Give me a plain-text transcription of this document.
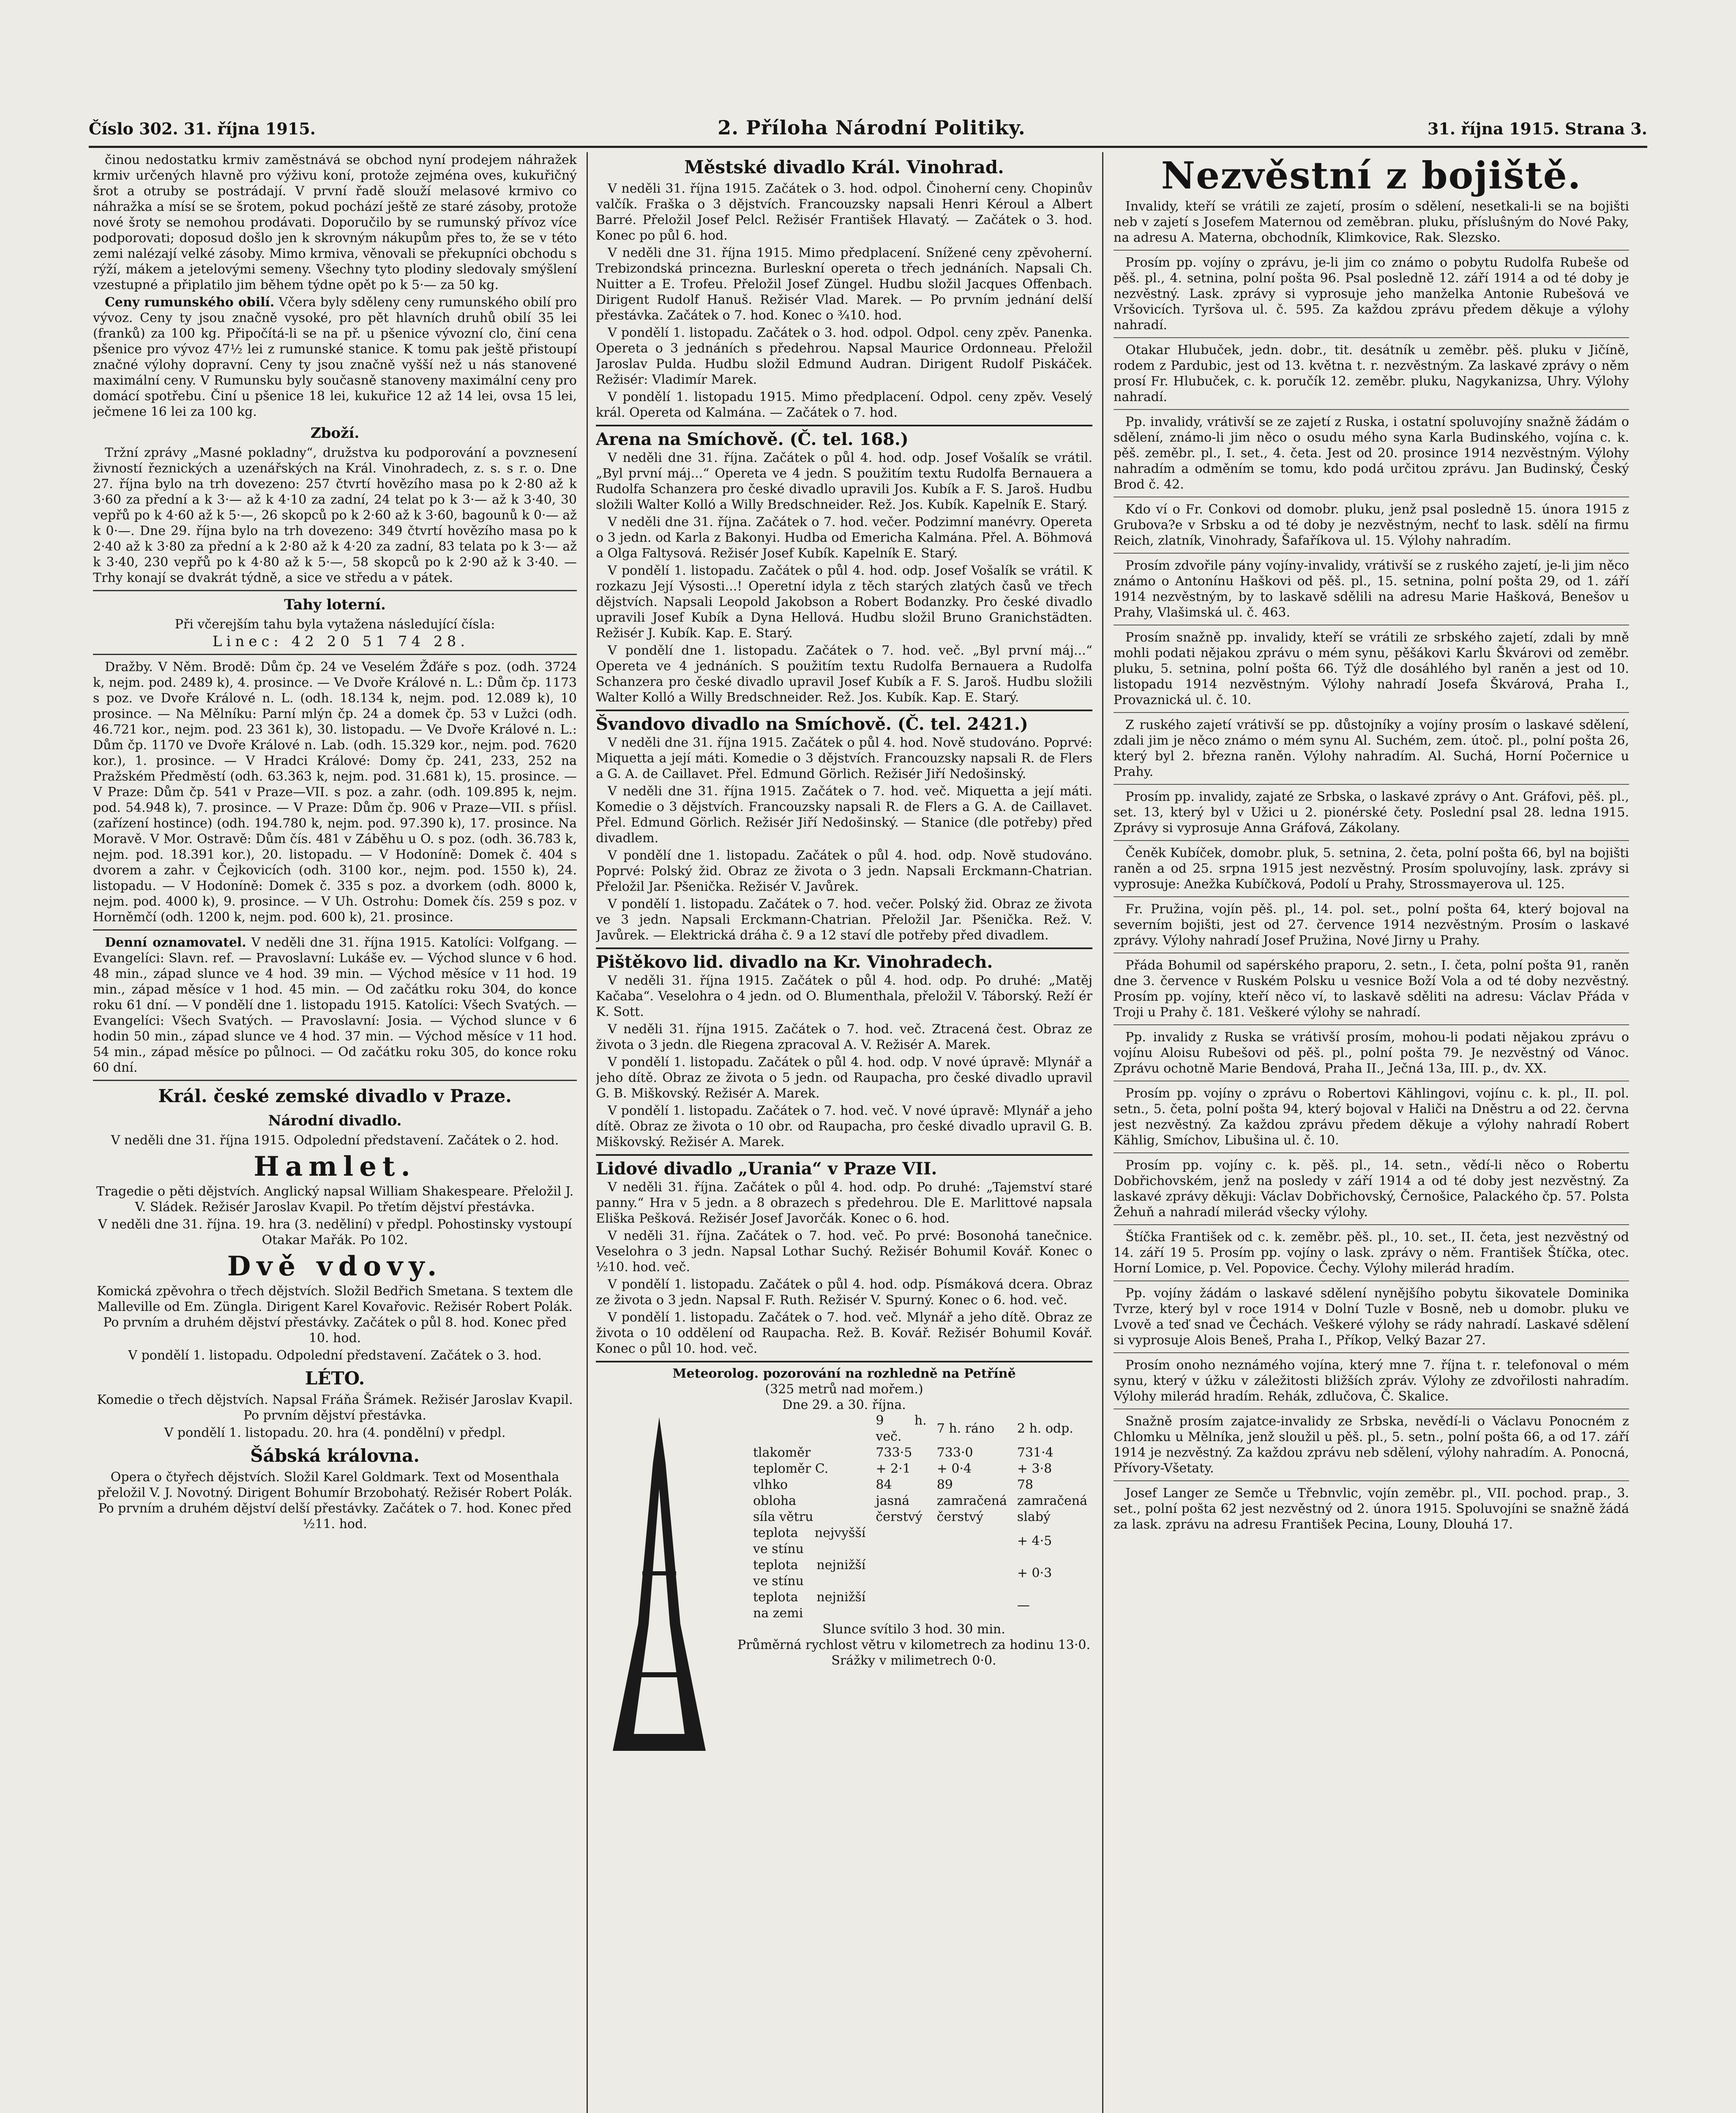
Číslo 302. 31. října 1915.	2. Příloha Národní Politiky.	31. října 1915. Strana 3.

činou nedostatku krmiv zaměstnává se obchod nyní prodejem náhražek krmiv určených hlavně pro výživu koní, protože zejména oves, kukuřičný šrot a otruby se postrádají. V první řadě slouží melasové krmivo co náhražka a mísí se se šrotem, pokud pochází ještě ze staré zásoby, protože nové šroty se nemohou prodávati. Doporučilo by se rumunský přívoz více podporovati; doposud došlo jen k skrovným nákupům přes to, že se v této zemi nalézají velké zásoby. Mimo krmiva, věnovali se překupníci obchodu s rýží, mákem a jetelovými semeny. Všechny tyto plodiny sledovaly smýšlení vzestupné a připlatilo jim během týdne opět po k 5·— za 50 kg.

Ceny rumunského obilí. Včera byly sděleny ceny rumunského obilí pro vývoz. Ceny ty jsou značně vysoké, pro pět hlavních druhů obilí 35 lei (franků) za 100 kg. Připočítá-li se na př. u pšenice vývozní clo, činí cena pšenice pro vývoz 47½ lei z rumunské stanice. K tomu pak ještě přistoupí značné výlohy dopravní. Ceny ty jsou značně vyšší než u nás stanovené maximální ceny. V Rumunsku byly současně stanoveny maximální ceny pro domácí spotřebu. Činí u pšenice 18 lei, kukuřice 12 až 14 lei, ovsa 15 lei, ječmene 16 lei za 100 kg.

Zboží.

Tržní zprávy „Masné pokladny“, družstva ku podporování a povznesení živností řeznických a uzenářských na Král. Vinohradech, z. s. s r. o. Dne 27. října bylo na trh dovezeno: 257 čtvrtí hovězího masa po k 2·80 až k 3·60 za přední a k 3·— až k 4·10 za zadní, 24 telat po k 3·— až k 3·40, 30 vepřů po k 4·60 až k 5·—, 26 skopců po k 2·60 až k 3·60, bagounů k 0·— až k 0·—. Dne 29. října bylo na trh dovezeno: 349 čtvrtí hovězího masa po k 2·40 až k 3·80 za přední a k 2·80 až k 4·20 za zadní, 83 telata po k 3·— až k 3·40, 230 vepřů po k 4·80 až k 5·—, 58 skopců po k 2·90 až k 3·40. — Trhy konají se dvakrát týdně, a sice ve středu a v pátek.

Tahy loterní.

Při včerejším tahu byla vytažena následující čísla:

Linec: 42 20 51 74 28.

Dražby. V Něm. Brodě: Dům čp. 24 ve Veselém Žďáře s poz. (odh. 3724 k, nejm. pod. 2489 k), 4. prosince. — Ve Dvoře Králové n. L.: Dům čp. 1173 s poz. ve Dvoře Králové n. L. (odh. 18.134 k, nejm. pod. 12.089 k), 10 prosince. — Na Mělníku: Parní mlýn čp. 24 a domek čp. 53 v Lužci (odh. 46.721 kor., nejm. pod. 23 361 k), 30. listopadu. — Ve Dvoře Králové n. L.: Dům čp. 1170 ve Dvoře Králové n. Lab. (odh. 15.329 kor., nejm. pod. 7620 kor.), 1. prosince. — V Hradci Králové: Domy čp. 241, 233, 252 na Pražském Předměstí (odh. 63.363 k, nejm. pod. 31.681 k), 15. prosince. — V Praze: Dům čp. 541 v Praze—VII. s poz. a zahr. (odh. 109.895 k, nejm. pod. 54.948 k), 7. prosince. — V Praze: Dům čp. 906 v Praze—VII. s příisl. (zařízení hostince) (odh. 194.780 k, nejm. pod. 97.390 k), 17. prosince. Na Moravě. V Mor. Ostravě: Dům čís. 481 v Záběhu u O. s poz. (odh. 36.783 k, nejm. pod. 18.391 kor.), 20. listopadu. — V Hodoníně: Domek č. 404 s dvorem a zahr. v Čejkovicích (odh. 3100 kor., nejm. pod. 1550 k), 24. listopadu. — V Hodoníně: Domek č. 335 s poz. a dvorkem (odh. 8000 k, nejm. pod. 4000 k), 9. prosince. — V Uh. Ostrohu: Domek čís. 259 s poz. v Horněmčí (odh. 1200 k, nejm. pod. 600 k), 21. prosince.

Denní oznamovatel. V neděli dne 31. října 1915. Katolíci: Volfgang. — Evangelíci: Slavn. ref. — Pravoslavní: Lukáše ev. — Východ slunce v 6 hod. 48 min., západ slunce ve 4 hod. 39 min. — Východ měsíce v 11 hod. 19 min., západ měsíce v 1 hod. 45 min. — Od začátku roku 304, do konce roku 61 dní. — V pondělí dne 1. listopadu 1915. Katolíci: Všech Svatých. — Evangelíci: Všech Svatých. — Pravoslavní: Josia. — Východ slunce v 6 hodin 50 min., západ slunce ve 4 hod. 37 min. — Východ měsíce v 11 hod. 54 min., západ měsíce po půlnoci. — Od začátku roku 305, do konce roku 60 dní.

Král. české zemské divadlo v Praze.
Národní divadlo.

V neděli dne 31. října 1915. Odpolední představení. Začátek o 2. hod.

Hamlet.

Tragedie o pěti dějstvích. Anglický napsal William Shakespeare. Přeložil J. V. Sládek. Režisér Jaroslav Kvapil. Po třetím dějství přestávka.

V neděli dne 31. října. 19. hra (3. neděliní) v předpl. Pohostinsky vystoupí Otakar Mařák. Po 102.

Dvě vdovy.

Komická zpěvohra o třech dějstvích. Složil Bedřich Smetana. S textem dle Malleville od Em. Züngla. Dirigent Karel Kovařovic. Režisér Robert Polák. Po prvním a druhém dějství přestávky. Začátek o půl 8. hod. Konec před 10. hod.

V pondělí 1. listopadu. Odpolední představení. Začátek o 3. hod.

LÉTO.

Komedie o třech dějstvích. Napsal Fráňa Šrámek. Režisér Jaroslav Kvapil. Po prvním dějství přestávka.

V pondělí 1. listopadu. 20. hra (4. pondělní) v předpl.

Šábská královna.

Opera o čtyřech dějstvích. Složil Karel Goldmark. Text od Mosenthala přeložil V. J. Novotný. Dirigent Bohumír Brzobohatý. Režisér Robert Polák. Po prvním a druhém dějství delší přestávky. Začátek o 7. hod. Konec před ½11. hod.

Městské divadlo Král. Vinohrad.

V neděli 31. října 1915. Začátek o 3. hod. odpol. Činoherní ceny. Chopinův valčík. Fraška o 3 dějstvích. Francouzsky napsali Henri Kéroul a Albert Barré. Přeložil Josef Pelcl. Režisér František Hlavatý. — Začátek o 3. hod. Konec po půl 6. hod.

V neděli dne 31. října 1915. Mimo předplacení. Snížené ceny zpěvoherní. Trebizondská princezna. Burleskní opereta o třech jednáních. Napsali Ch. Nuitter a E. Trofeu. Přeložil Josef Züngel. Hudbu složil Jacques Offenbach. Dirigent Rudolf Hanuš. Režisér Vlad. Marek. — Po prvním jednání delší přestávka. Začátek o 7. hod. Konec o ¾10. hod.

V pondělí 1. listopadu. Začátek o 3. hod. odpol. Odpol. ceny zpěv. Panenka. Opereta o 3 jednáních s předehrou. Napsal Maurice Ordonneau. Přeložil Jaroslav Pulda. Hudbu složil Edmund Audran. Dirigent Rudolf Piskáček. Režisér: Vladimír Marek.

V pondělí 1. listopadu 1915. Mimo předplacení. Odpol. ceny zpěv. Veselý král. Opereta od Kalmána. — Začátek o 7. hod.

Arena na Smíchově. (Č. tel. 168.)

V neděli dne 31. října. Začátek o půl 4. hod. odp. Josef Vošalík se vrátil. „Byl první máj...“ Opereta ve 4 jedn. S použitím textu Rudolfa Bernauera a Rudolfa Schanzera pro české divadlo upravili Jos. Kubík a F. S. Jaroš. Hudbu složili Walter Kolló a Willy Bredschneider. Rež. Jos. Kubík. Kapelník E. Starý.

V neděli dne 31. října. Začátek o 7. hod. večer. Podzimní manévry. Opereta o 3 jedn. od Karla z Bakonyi. Hudba od Emericha Kalmána. Přel. A. Böhmová a Olga Faltysová. Režisér Josef Kubík. Kapelník E. Starý.

V pondělí 1. listopadu. Začátek o půl 4. hod. odp. Josef Vošalík se vrátil. K rozkazu Její Výsosti...! Operetní idyla z těch starých zlatých časů ve třech dějstvích. Napsali Leopold Jakobson a Robert Bodanzky. Pro české divadlo upravili Josef Kubík a Dyna Hellová. Hudbu složil Bruno Granichstädten. Režisér J. Kubík. Kap. E. Starý.

V pondělí dne 1. listopadu. Začátek o 7. hod. več. „Byl první máj...“ Opereta ve 4 jednáních. S použitím textu Rudolfa Bernauera a Rudolfa Schanzera pro české divadlo upravil Josef Kubík a F. S. Jaroš. Hudbu složili Walter Kolló a Willy Bredschneider. Rež. Jos. Kubík. Kap. E. Starý.

Švandovo divadlo na Smíchově. (Č. tel. 2421.)

V neděli dne 31. října 1915. Začátek o půl 4. hod. Nově studováno. Poprvé: Miquetta a její máti. Komedie o 3 dějstvích. Francouzsky napsali R. de Flers a G. A. de Caillavet. Přel. Edmund Görlich. Režisér Jiří Nedošinský.

V neděli dne 31. října 1915. Začátek o 7. hod. več. Miquetta a její máti. Komedie o 3 dějstvích. Francouzsky napsali R. de Flers a G. A. de Caillavet. Přel. Edmund Görlich. Režisér Jiří Nedošinský. — Stanice (dle potřeby) před divadlem.

V pondělí dne 1. listopadu. Začátek o půl 4. hod. odp. Nově studováno. Poprvé: Polský žid. Obraz ze života o 3 jedn. Napsali Erckmann-Chatrian. Přeložil Jar. Pšenička. Režisér V. Javůrek.

V pondělí 1. listopadu. Začátek o 7. hod. večer. Polský žid. Obraz ze života ve 3 jedn. Napsali Erckmann-Chatrian. Přeložil Jar. Pšenička. Rež. V. Javůrek. — Elektrická dráha č. 9 a 12 staví dle potřeby před divadlem.

Pištěkovo lid. divadlo na Kr. Vinohradech.

V neděli 31. října 1915. Začátek o půl 4. hod. odp. Po druhé: „Matěj Kačaba“. Veselohra o 4 jedn. od O. Blumenthala, přeložil V. Táborský. Reží ér K. Sott.

V neděli 31. října 1915. Začátek o 7. hod. več. Ztracená čest. Obraz ze života o 3 jedn. dle Riegena zpracoval A. V. Režisér A. Marek.

V pondělí 1. listopadu. Začátek o půl 4. hod. odp. V nové úpravě: Mlynář a jeho dítě. Obraz ze života o 5 jedn. od Raupacha, pro české divadlo upravil G. B. Miškovský. Režisér A. Marek.

V pondělí 1. listopadu. Začátek o 7. hod. več. V nové úpravě: Mlynář a jeho dítě. Obraz ze života o 10 obr. od Raupacha, pro české divadlo upravil G. B. Miškovský. Režisér A. Marek.

Lidové divadlo „Urania“ v Praze VII.

V neděli 31. října. Začátek o půl 4. hod. odp. Po druhé: „Tajemství staré panny.“ Hra v 5 jedn. a 8 obrazech s předehrou. Dle E. Marlittové napsala Eliška Pešková. Režisér Josef Javorčák. Konec o 6. hod.

V neděli 31. října. Začátek o 7. hod. več. Po prvé: Bosonohá tanečnice. Veselohra o 3 jedn. Napsal Lothar Suchý. Režisér Bohumil Kovář. Konec o ½10. hod. več.

V pondělí 1. listopadu. Začátek o půl 4. hod. odp. Písmáková dcera. Obraz ze života o 3 jedn. Napsal F. Ruth. Režisér V. Spurný. Konec o 6. hod. več.

V pondělí 1. listopadu. Začátek o 7. hod. več. Mlynář a jeho dítě. Obraz ze života o 10 oddělení od Raupacha. Rež. B. Kovář. Režisér Bohumil Kovář. Konec o půl 10. hod. več.

Meteorolog. pozorování na rozhledně na Petříně
(325 metrů nad mořem.)
Dne 29. a 30. října.
	9 h. več.	7 h. ráno	2 h. odp.
tlakoměr	733·5	733·0	731·4
teploměr C.	+ 2·1	+ 0·4	+ 3·8
vlhko	84	89	78
obloha	jasná	zamračená	zamračená
síla větru	čerstvý	čerstvý	slabý
teplota nejvyšší ve stínu			+ 4·5
teplota nejnižší ve stínu			+ 0·3
teplota nejnižší na zemi			—
Slunce svítilo 3 hod. 30 min.
Průměrná rychlost větru v kilometrech za hodinu 13·0.
Srážky v milimetrech 0·0.
Nezvěstní z bojiště.

Invalidy, kteří se vrátili ze zajetí, prosím o sdělení, nesetkali-li se na bojišti neb v zajetí s Josefem Maternou od zeměbran. pluku, přísluŝným do Nové Paky, na adresu A. Materna, obchodník, Klimkovice, Rak. Slezsko.

Prosím pp. vojíny o zprávu, je-li jim co známo o pobytu Rudolfa Rubeše od pěš. pl., 4. setnina, polní pošta 96. Psal posledně 12. září 1914 a od té doby je nezvěstný. Lask. zprávy si vyprosuje jeho manželka Antonie Rubešová ve Vršovicích. Tyršova ul. č. 595. Za každou zprávu předem děkuje a výlohy nahradí.

Otakar Hlubuček, jedn. dobr., tit. desátník u zeměbr. pěš. pluku v Jičíně, rodem z Pardubic, jest od 13. května t. r. nezvěstným. Za laskavé zprávy o něm prosí Fr. Hlubuček, c. k. poručík 12. zeměbr. pluku, Nagykanizsa, Uhry. Výlohy nahradí.

Pp. invalidy, vrátivší se ze zajetí z Ruska, i ostatní spoluvojíny snažně žádám o sdělení, známo-li jim něco o osudu mého syna Karla Budinského, vojína c. k. pěš. zeměbr. pl., I. set., 4. četa. Jest od 20. prosince 1914 nezvěstným. Výlohy nahradím a odměním se tomu, kdo podá určitou zprávu. Jan Budinský, Český Brod č. 42.

Kdo ví o Fr. Conkovi od domobr. pluku, jenž psal posledně 15. února 1915 z Grubova?e v Srbsku a od té doby je nezvěstným, nechť to lask. sdělí na firmu Reich, zlatník, Vinohrady, Šafaříkova ul. 15. Výlohy nahradím.

Prosím zdvořile pány vojíny-invalidy, vrátivší se z ruského zajetí, je-li jim něco známo o Antonínu Haškovi od pěš. pl., 15. setnina, polní pošta 29, od 1. září 1914 nezvěstným, by to laskavě sdělili na adresu Marie Hašková, Benešov u Prahy, Vlašimská ul. č. 463.

Prosím snažně pp. invalidy, kteří se vrátili ze srbského zajetí, zdali by mně mohli podati nějakou zprávu o mém synu, pěšákovi Karlu Škvárovi od zeměbr. pluku, 5. setnina, polní pošta 66. Týž dle dosáhlého byl raněn a jest od 10. listopadu 1914 nezvěstným. Výlohy nahradí Josefa Škvárová, Praha I., Provaznická ul. č. 10.

Z ruského zajetí vrátivší se pp. důstojníky a vojíny prosím o laskavé sdělení, zdali jim je něco známo o mém synu Al. Suchém, zem. útoč. pl., polní pošta 26, který byl 2. března raněn. Výlohy nahradím. Al. Suchá, Horní Počernice u Prahy.

Prosím pp. invalidy, zajaté ze Srbska, o laskavé zprávy o Ant. Gráfovi, pěš. pl., set. 13, který byl v Užici u 2. pionérské čety. Poslední psal 28. ledna 1915. Zprávy si vyprosuje Anna Gráfová, Zákolany.

Čeněk Kubíček, domobr. pluk, 5. setnina, 2. četa, polní pošta 66, byl na bojišti raněn a od 25. srpna 1915 jest nezvěstný. Prosím spoluvojíny, lask. zprávy si vyprosuje: Anežka Kubíčková, Podolí u Prahy, Strossmayerova ul. 125.

Fr. Pružina, vojín pěš. pl., 14. pol. set., polní pošta 64, který bojoval na severním bojišti, jest od 27. července 1914 nezvěstným. Prosím o laskavé zprávy. Výlohy nahradí Josef Pružina, Nové Jirny u Prahy.

Přáda Bohumil od sapérského praporu, 2. setn., I. četa, polní pošta 91, raněn dne 3. července v Ruském Polsku u vesnice Boží Vola a od té doby nezvěstný. Prosím pp. vojíny, kteří něco ví, to laskavě sděliti na adresu: Václav Přáda v Troji u Prahy č. 181. Veškeré výlohy se nahradí.

Pp. invalidy z Ruska se vrátivší prosím, mohou-li podati nějakou zprávu o vojínu Aloisu Rubešovi od pěš. pl., polní pošta 79. Je nezvěstný od Vánoc. Zprávu ochotně Marie Bendová, Praha II., Ječná 13a, III. p., dv. XX.

Prosím pp. vojíny o zprávu o Robertovi Kählingovi, vojínu c. k. pl., II. pol. setn., 5. četa, polní pošta 94, který bojoval v Haliči na Dněstru a od 22. června jest nezvěstný. Za každou zprávu předem děkuje a výlohy nahradí Robert Kählig, Smíchov, Libušina ul. č. 10.

Prosím pp. vojíny c. k. pěš. pl., 14. setn., vědí-li něco o Robertu Dobřichovském, jenž na posledy v září 1914 a od té doby jest nezvěstný. Za laskavé zprávy děkuji: Václav Dobřichovský, Černošice, Palackého čp. 57. Polsta Žehuň a nahradí milerád všecky výlohy.

Štíčka František od c. k. zeměbr. pěš. pl., 10. set., II. četa, jest nezvěstný od 14. září 19 5. Prosím pp. vojíny o lask. zprávy o něm. František Štíčka, otec. Horní Lomice, p. Vel. Popovice. Čechy. Výlohy milerád hradím.

Pp. vojíny žádám o laskavé sdělení nynějšího pobytu šikovatele Dominika Tvrze, který byl v roce 1914 v Dolní Tuzle v Bosně, neb u domobr. pluku ve Lvově a teď snad ve Čechách. Veškeré výlohy se rády nahradí. Laskavé sdělení si vyprosuje Alois Beneš, Praha I., Příkop, Velký Bazar 27.

Prosím onoho neznámého vojína, který mne 7. října t. r. telefonoval o mém synu, který v úžku v záležitosti bližších zpráv. Výlohy ze zdvořilosti nahradím. Výlohy milerád hradím. Rehák, zdlučova, Č. Skalice.

Snažně prosím zajatce-invalidy ze Srbska, nevědí-li o Václavu Ponocném z Chlomku u Mělníka, jenž sloužil u pěš. pl., 5. setn., polní pošta 66, a od 17. září 1914 je nezvěstný. Za každou zprávu neb sdělení, výlohy nahradím. A. Ponocná, Přívory-Všetaty.

Josef Langer ze Semče u Třebnvlic, vojín zeměbr. pl., VII. pochod. prap., 3. set., polní pošta 62 jest nezvěstný od 2. února 1915. Spoluvojíni se snažně žádá za lask. zprávu na adresu František Pecina, Louny, Dlouhá 17.
